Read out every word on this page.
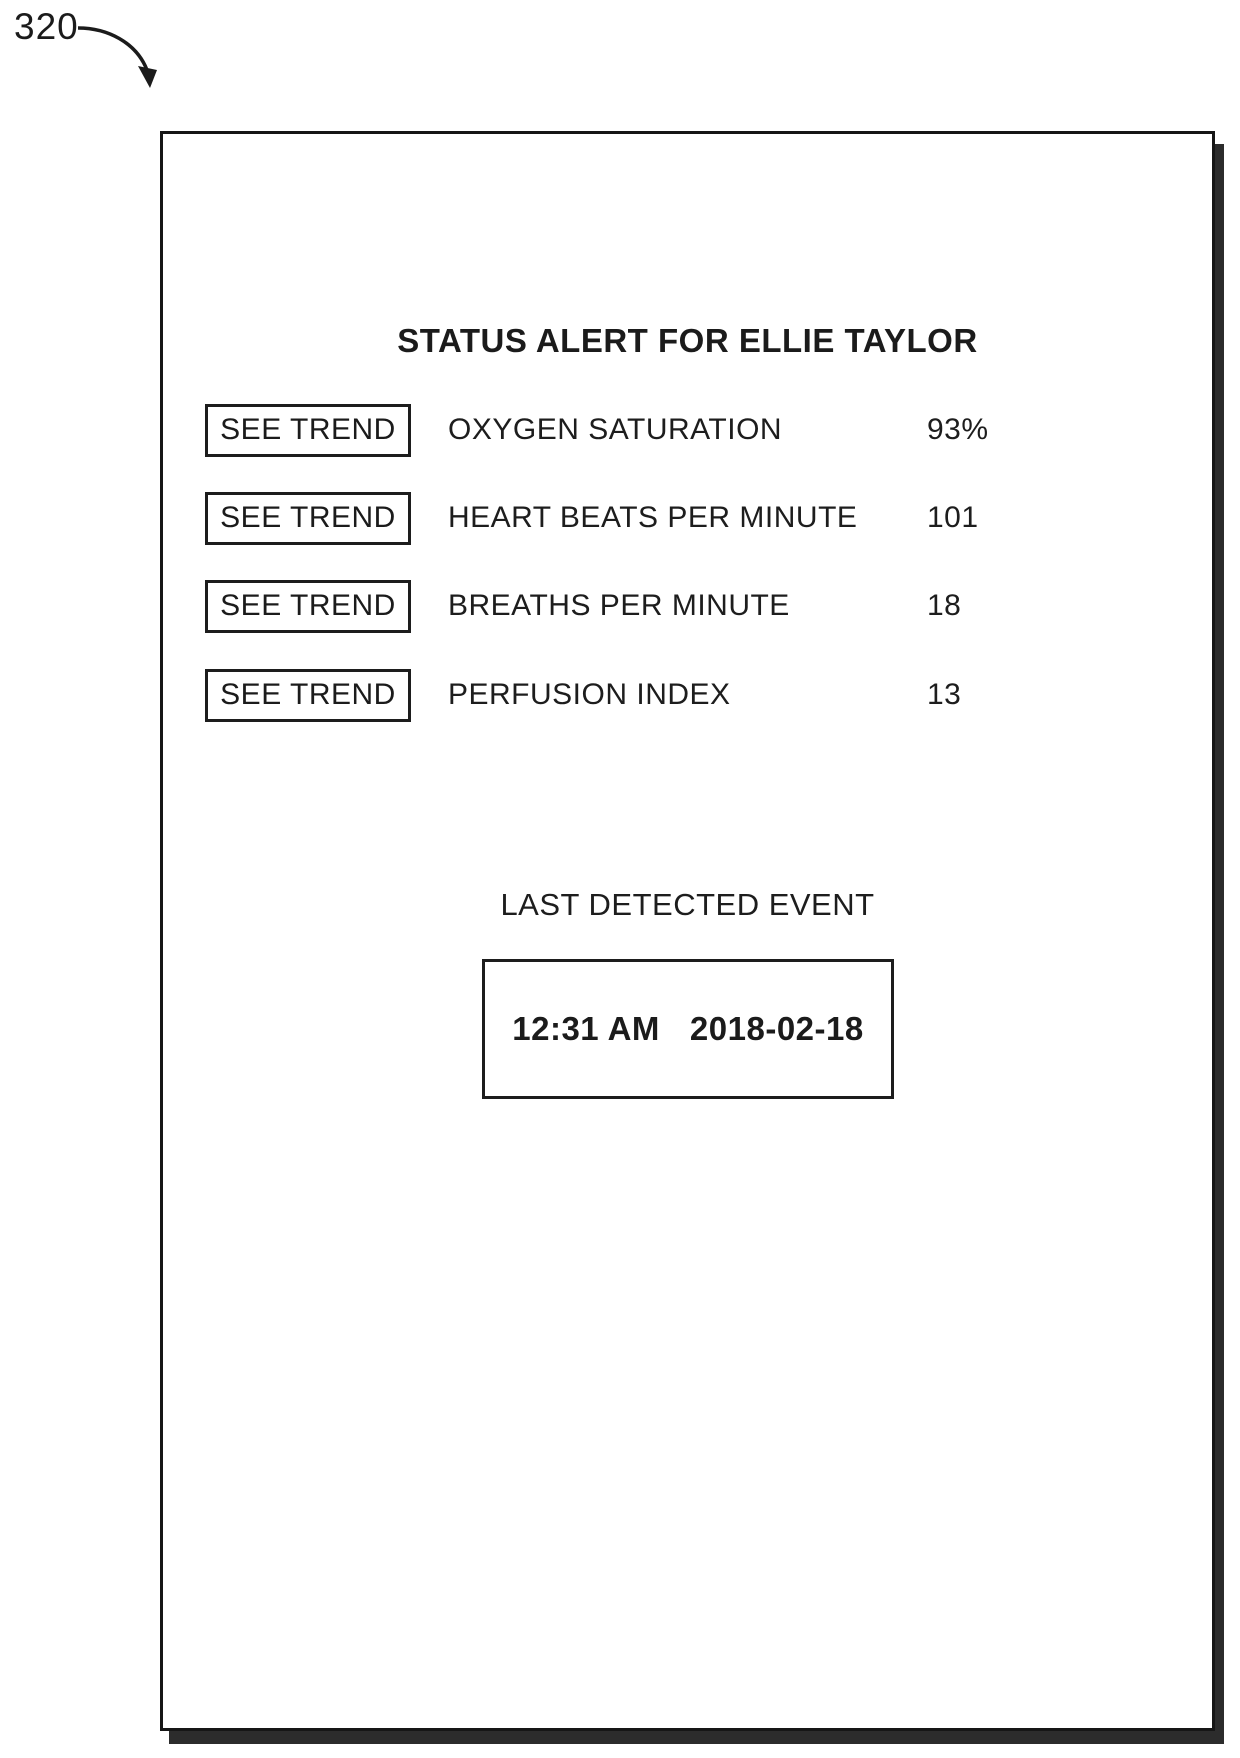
320
STATUS ALERT FOR ELLIE TAYLOR
SEE TREND	OXYGEN SATURATION	93%
SEE TREND	HEART BEATS PER MINUTE 101
SEE TREND	BREATHS PER MINUTE	18
SEE TREND	PERFUSION INDEX	13
LAST DETECTED EVENT
12:31 AM 2018-02-18
